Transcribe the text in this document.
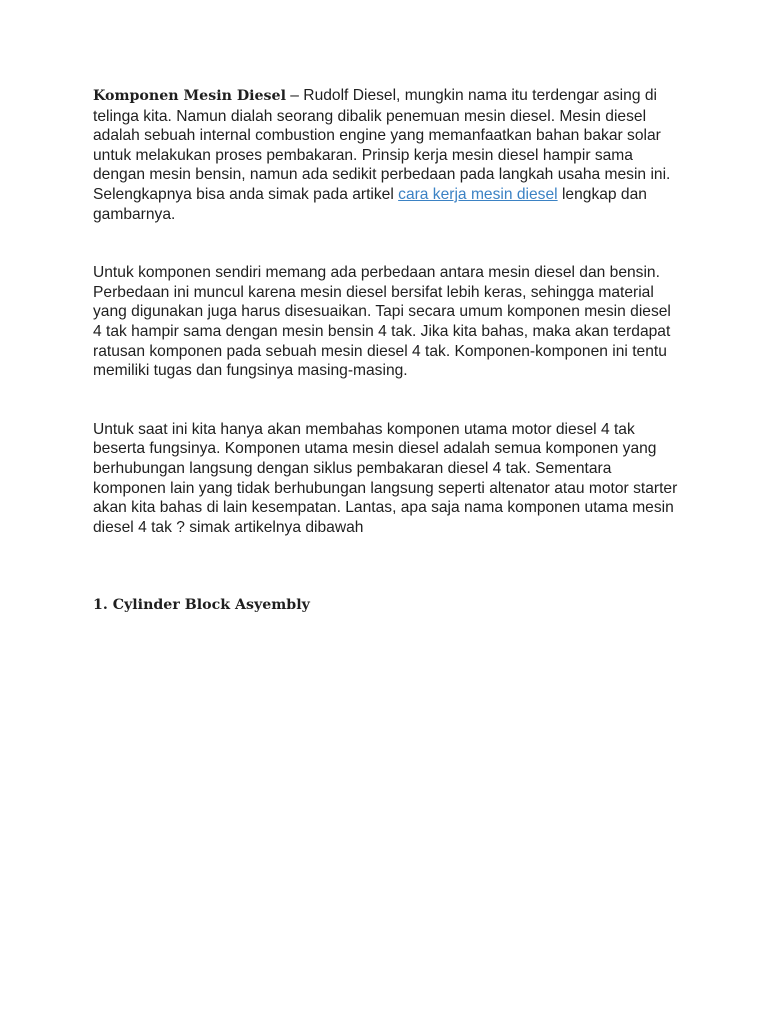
Komponen Mesin Diesel – Rudolf Diesel, mungkin nama itu terdengar asing di telinga kita. Namun dialah seorang dibalik penemuan mesin diesel. Mesin diesel adalah sebuah internal combustion engine yang memanfaatkan bahan bakar solar untuk melakukan proses pembakaran. Prinsip kerja mesin diesel hampir sama dengan mesin bensin, namun ada sedikit perbedaan pada langkah usaha mesin ini. Selengkapnya bisa anda simak pada artikel cara kerja mesin diesel lengkap dan gambarnya.

Untuk komponen sendiri memang ada perbedaan antara mesin diesel dan bensin. Perbedaan ini muncul karena mesin diesel bersifat lebih keras, sehingga material yang digunakan juga harus disesuaikan. Tapi secara umum komponen mesin diesel 4 tak hampir sama dengan mesin bensin 4 tak. Jika kita bahas, maka akan terdapat ratusan komponen pada sebuah mesin diesel 4 tak. Komponen-komponen ini tentu memiliki tugas dan fungsinya masing-masing.

Untuk saat ini kita hanya akan membahas komponen utama motor diesel 4 tak beserta fungsinya. Komponen utama mesin diesel adalah semua komponen yang berhubungan langsung dengan siklus pembakaran diesel 4 tak. Sementara komponen lain yang tidak berhubungan langsung seperti altenator atau motor starter akan kita bahas di lain kesempatan. Lantas, apa saja nama komponen utama mesin diesel 4 tak ? simak artikelnya dibawah

1. Cylinder Block Asyembly
